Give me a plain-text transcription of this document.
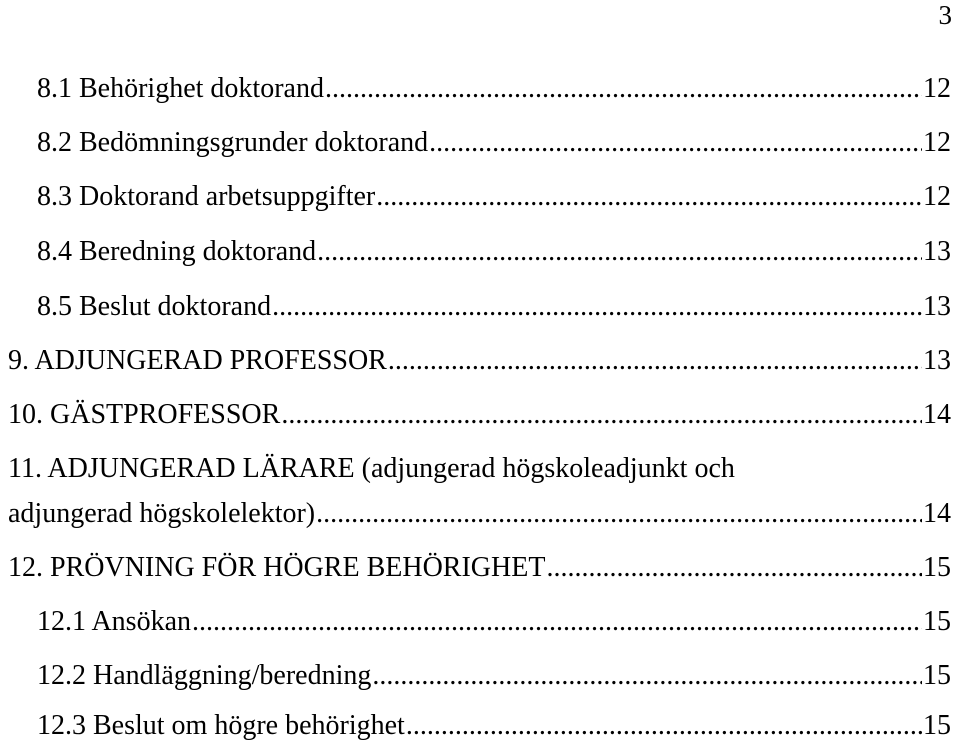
3
8.1 Behörighet doktorand .....	12
8.2 Bedömningsgrunder doktorand .....	12
8.3 Doktorand arbetsuppgifter .....	12
8.4 Beredning doktorand .....	13
8.5 Beslut doktorand .....	13
9. ADJUNGERAD PROFESSOR .....	13
10. GÄSTPROFESSOR .....	14
11. ADJUNGERAD LÄRARE (adjungerad högskoleadjunkt och
adjungerad högskolelektor) .....	14
12. PRÖVNING FÖR HÖGRE BEHÖRIGHET .....	15
12.1 Ansökan .....	15
12.2 Handläggning/beredning .....	15
12.3 Beslut om högre behörighet .....	15
